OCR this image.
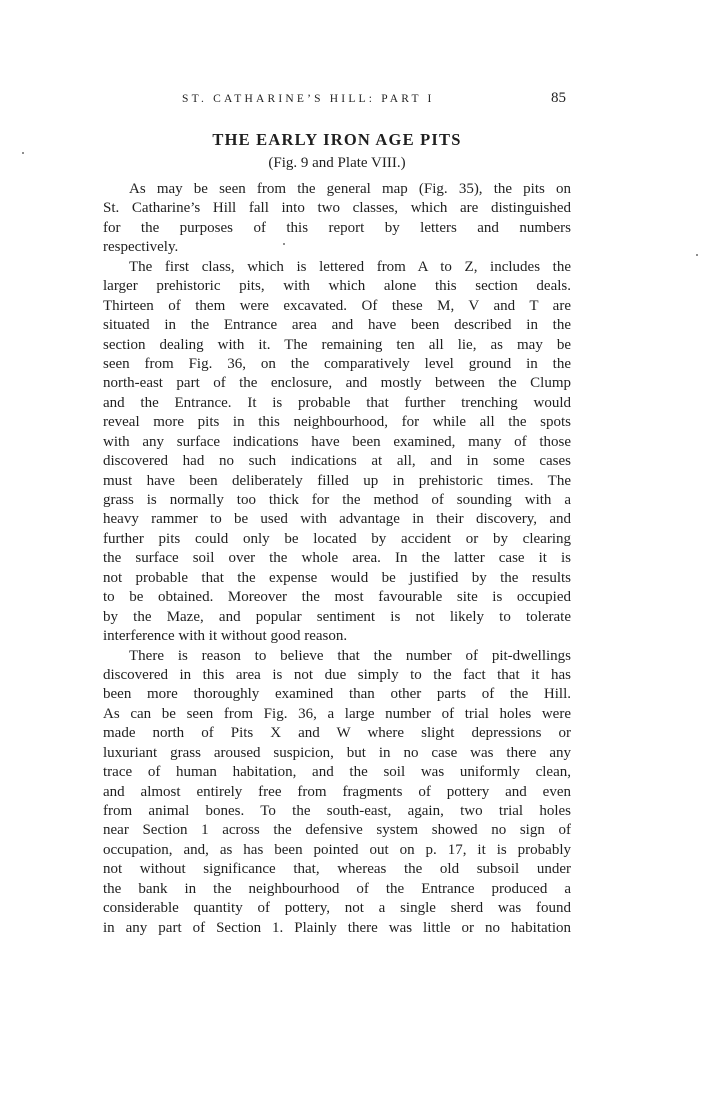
ST. CATHARINE’S HILL: PART I	85
THE EARLY IRON AGE PITS
(Fig. 9 and Plate VIII.)
As may be seen from the general map (Fig. 35), the pits on
St. Catharine’s Hill fall into two classes, which are distinguished
for the purposes of this report by letters and numbers
respectively.
The first class, which is lettered from A to Z, includes the
larger prehistoric pits, with which alone this section deals.
Thirteen of them were excavated. Of these M, V and T are
situated in the Entrance area and have been described in the
section dealing with it. The remaining ten all lie, as may be
seen from Fig. 36, on the comparatively level ground in the
north-east part of the enclosure, and mostly between the Clump
and the Entrance. It is probable that further trenching would
reveal more pits in this neighbourhood, for while all the spots
with any surface indications have been examined, many of those
discovered had no such indications at all, and in some cases
must have been deliberately filled up in prehistoric times. The
grass is normally too thick for the method of sounding with a
heavy rammer to be used with advantage in their discovery, and
further pits could only be located by accident or by clearing
the surface soil over the whole area. In the latter case it is
not probable that the expense would be justified by the results
to be obtained. Moreover the most favourable site is occupied
by the Maze, and popular sentiment is not likely to tolerate
interference with it without good reason.
There is reason to believe that the number of pit-dwellings
discovered in this area is not due simply to the fact that it has
been more thoroughly examined than other parts of the Hill.
As can be seen from Fig. 36, a large number of trial holes were
made north of Pits X and W where slight depressions or
luxuriant grass aroused suspicion, but in no case was there any
trace of human habitation, and the soil was uniformly clean,
and almost entirely free from fragments of pottery and even
from animal bones. To the south-east, again, two trial holes
near Section 1 across the defensive system showed no sign of
occupation, and, as has been pointed out on p. 17, it is probably
not without significance that, whereas the old subsoil under
the bank in the neighbourhood of the Entrance produced a
considerable quantity of pottery, not a single sherd was found
in any part of Section 1. Plainly there was little or no habitation
